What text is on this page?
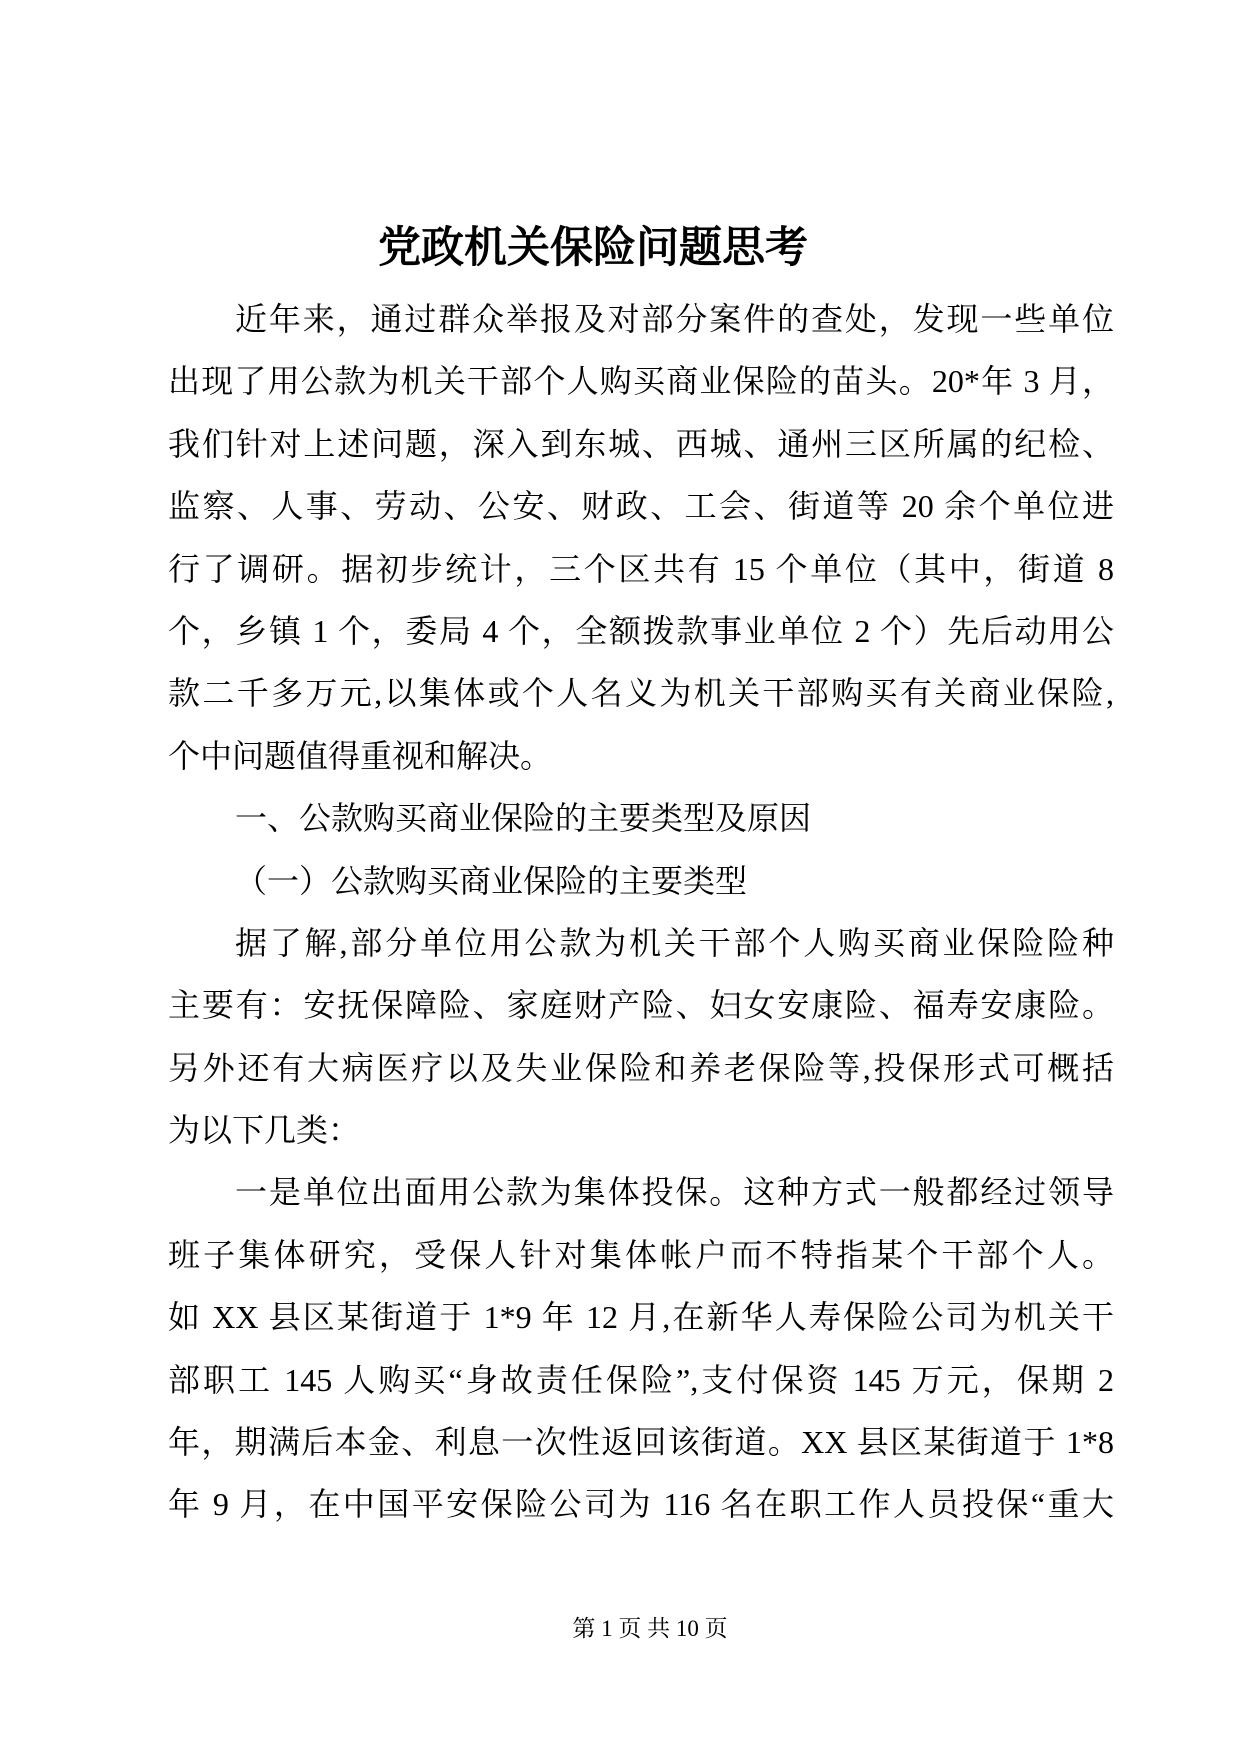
党政机关保险问题思考
近年来，通过群众举报及对部分案件的查处，发现一些单位
出现了用公款为机关干部个人购买商业保险的苗头。20*年 3 月，
我们针对上述问题，深入到东城、西城、通州三区所属的纪检、
监察、人事、劳动、公安、财政、工会、街道等 20 余个单位进
行了调研。据初步统计，三个区共有 15 个单位（其中，街道 8
个，乡镇 1 个，委局 4 个，全额拨款事业单位 2 个）先后动用公
款二千多万元,以集体或个人名义为机关干部购买有关商业保险,
个中问题值得重视和解决。
一、公款购买商业保险的主要类型及原因
（一）公款购买商业保险的主要类型
据了解,部分单位用公款为机关干部个人购买商业保险险种
主要有：安抚保障险、家庭财产险、妇女安康险、福寿安康险。
另外还有大病医疗以及失业保险和养老保险等,投保形式可概括
为以下几类：
一是单位出面用公款为集体投保。这种方式一般都经过领导
班子集体研究，受保人针对集体帐户而不特指某个干部个人。
如 XX 县区某街道于 1*9 年 12 月,在新华人寿保险公司为机关干
部职工 145 人购买“身故责任保险”,支付保资 145 万元，保期 2
年，期满后本金、利息一次性返回该街道。XX 县区某街道于 1*8
年 9 月，在中国平安保险公司为 116 名在职工作人员投保“重大
第 1 页 共 10 页
